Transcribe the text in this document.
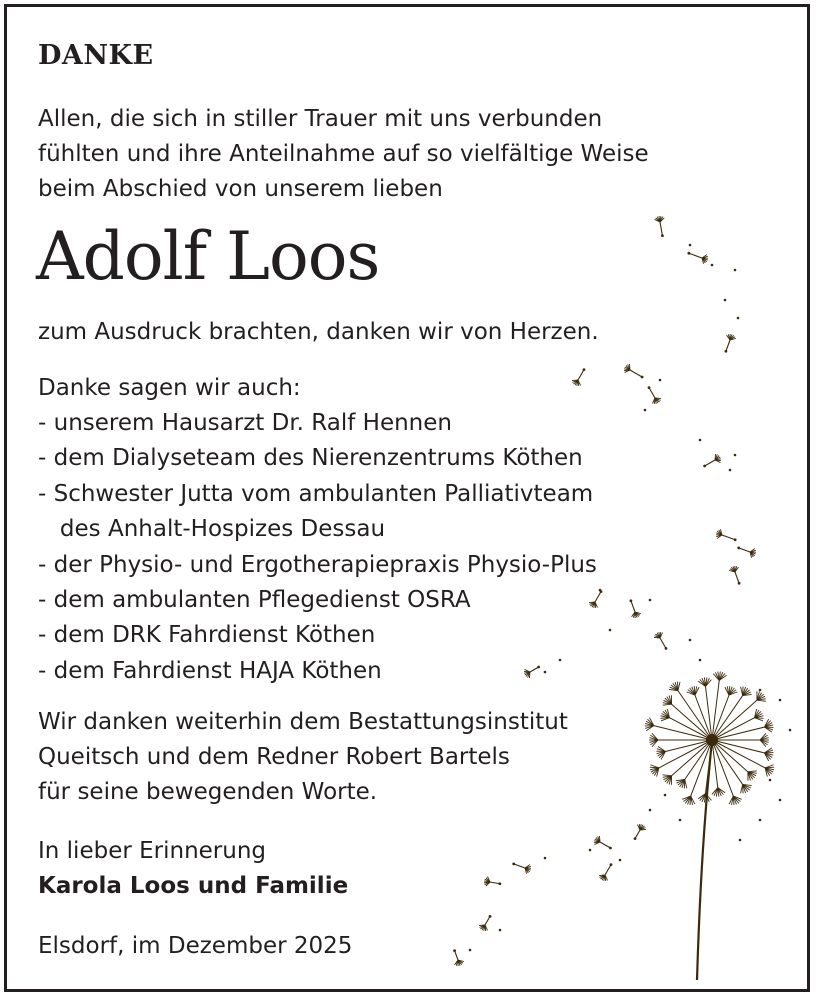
DANKE
Allen, die sich in stiller Trauer mit uns verbunden
fühlten und ihre Anteilnahme auf so vielfältige Weise
beim Abschied von unserem lieben
Adolf Loos
zum Ausdruck brachten, danken wir von Herzen.
Danke sagen wir auch:
- unserem Hausarzt Dr. Ralf Hennen
- dem Dialyseteam des Nierenzentrums Köthen
- Schwester Jutta vom ambulanten Palliativteam
des Anhalt-Hospizes Dessau
- der Physio- und Ergotherapiepraxis Physio-Plus
- dem ambulanten Pflegedienst OSRA
- dem DRK Fahrdienst Köthen
- dem Fahrdienst HAJA Köthen
Wir danken weiterhin dem Bestattungsinstitut
Queitsch und dem Redner Robert Bartels
für seine bewegenden Worte.
In lieber Erinnerung
Karola Loos und Familie
Elsdorf, im Dezember 2025
